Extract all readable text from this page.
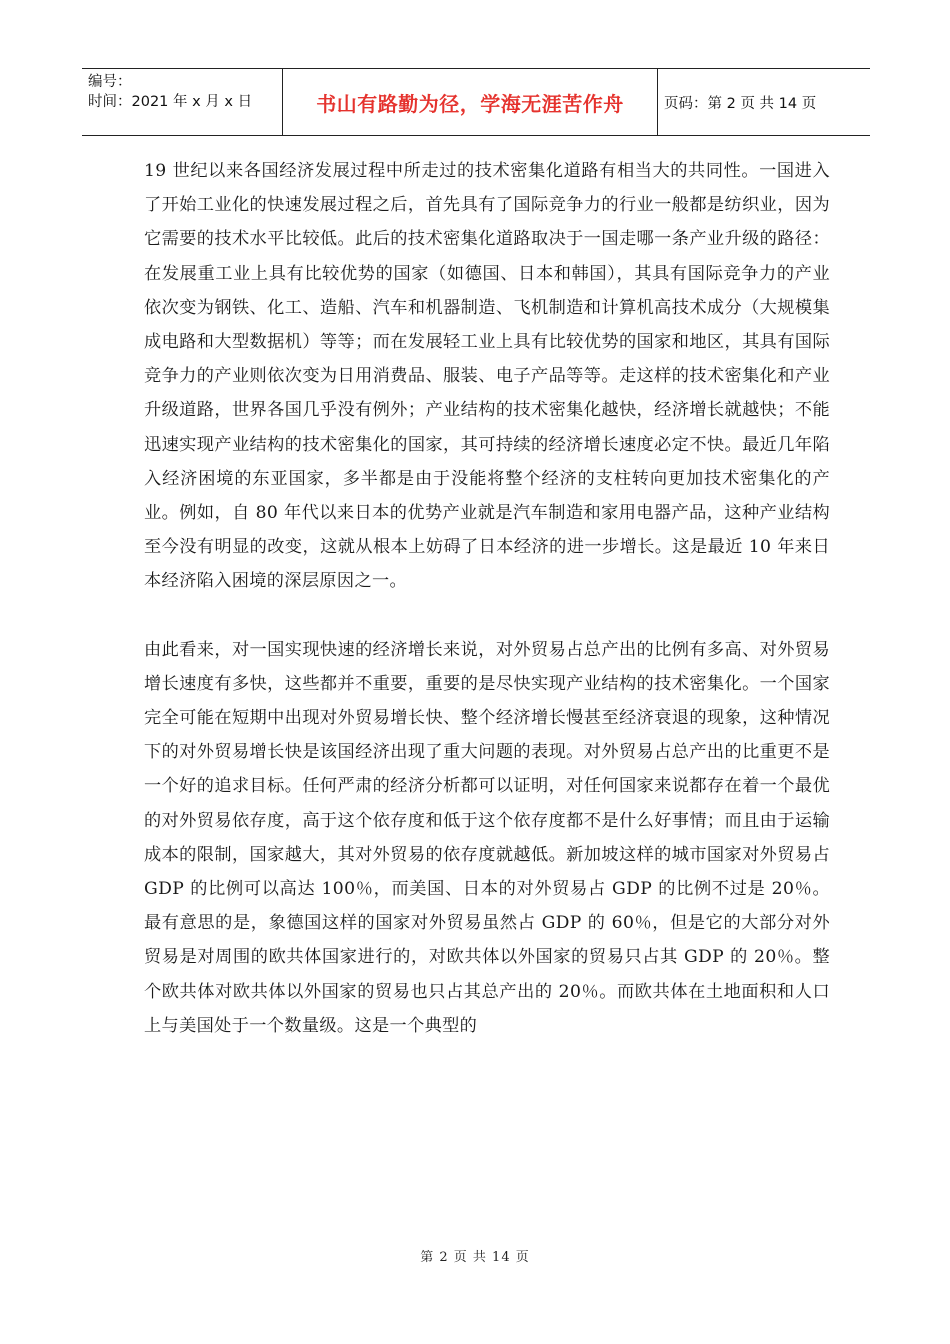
编号：
时间：2021 年 x 月 x 日	书山有路勤为径，学海无涯苦作舟	页码：第 2 页 共 14 页

19 世纪以来各国经济发展过程中所走过的技术密集化道路有相当大的共同性。一国进入了开始工业化的快速发展过程之后，首先具有了国际竞争力的行业一般都是纺织业，因为它需要的技术水平比较低。此后的技术密集化道路取决于一国走哪一条产业升级的路径：在发展重工业上具有比较优势的国家（如德国、日本和韩国），其具有国际竞争力的产业依次变为钢铁、化工、造船、汽车和机器制造、飞机制造和计算机高技术成分（大规模集成电路和大型数据机）等等；而在发展轻工业上具有比较优势的国家和地区，其具有国际竞争力的产业则依次变为日用消费品、服装、电子产品等等。走这样的技术密集化和产业升级道路，世界各国几乎没有例外；产业结构的技术密集化越快，经济增长就越快；不能迅速实现产业结构的技术密集化的国家，其可持续的经济增长速度必定不快。最近几年陷入经济困境的东亚国家，多半都是由于没能将整个经济的支柱转向更加技术密集化的产业。例如，自 80 年代以来日本的优势产业就是汽车制造和家用电器产品，这种产业结构至今没有明显的改变，这就从根本上妨碍了日本经济的进一步增长。这是最近 10 年来日本经济陷入困境的深层原因之一。

由此看来，对一国实现快速的经济增长来说，对外贸易占总产出的比例有多高、对外贸易增长速度有多快，这些都并不重要，重要的是尽快实现产业结构的技术密集化。一个国家完全可能在短期中出现对外贸易增长快、整个经济增长慢甚至经济衰退的现象，这种情况下的对外贸易增长快是该国经济出现了重大问题的表现。对外贸易占总产出的比重更不是一个好的追求目标。任何严肃的经济分析都可以证明，对任何国家来说都存在着一个最优的对外贸易依存度，高于这个依存度和低于这个依存度都不是什么好事情；而且由于运输成本的限制，国家越大，其对外贸易的依存度就越低。新加坡这样的城市国家对外贸易占 GDP 的比例可以高达 100％，而美国、日本的对外贸易占 GDP 的比例不过是 20％。最有意思的是，象德国这样的国家对外贸易虽然占 GDP 的 60％，但是它的大部分对外贸易是对周围的欧共体国家进行的，对欧共体以外国家的贸易只占其 GDP 的 20％。整个欧共体对欧共体以外国家的贸易也只占其总产出的 20％。而欧共体在土地面积和人口上与美国处于一个数量级。这是一个典型的

第 2 页 共 14 页
